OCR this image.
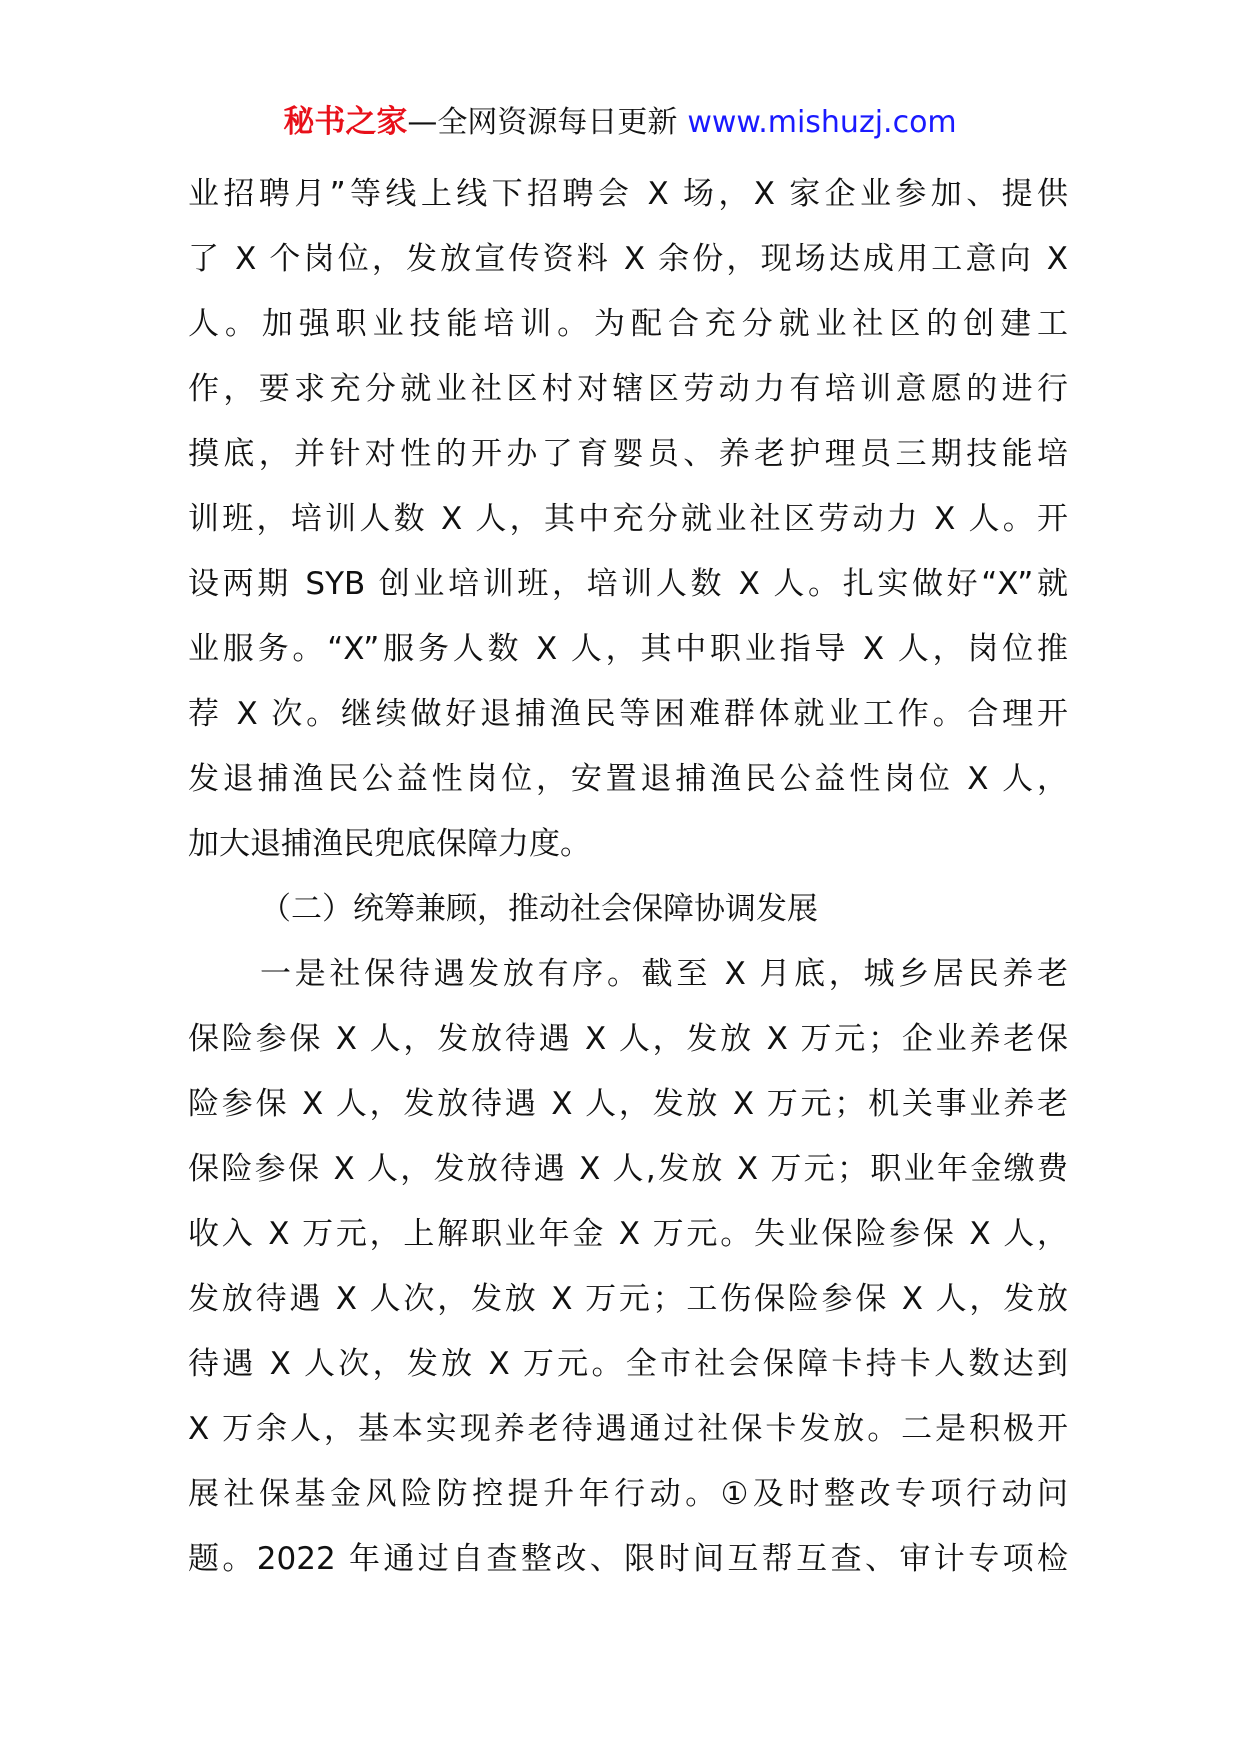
秘书之家—全网资源每日更新 www.mishuzj.com
业招聘月”等线上线下招聘会 X 场，X 家企业参加、提供
了 X 个岗位，发放宣传资料 X 余份，现场达成用工意向 X
人。加强职业技能培训。为配合充分就业社区的创建工
作，要求充分就业社区村对辖区劳动力有培训意愿的进行
摸底，并针对性的开办了育婴员、养老护理员三期技能培
训班，培训人数 X 人，其中充分就业社区劳动力 X 人。开
设两期 SYB 创业培训班，培训人数 X 人。扎实做好“X”就
业服务。“X”服务人数 X 人，其中职业指导 X 人，岗位推
荐 X 次。继续做好退捕渔民等困难群体就业工作。合理开
发退捕渔民公益性岗位，安置退捕渔民公益性岗位 X 人，
加大退捕渔民兜底保障力度。
（二）统筹兼顾，推动社会保障协调发展
一是社保待遇发放有序。截至 X 月底，城乡居民养老
保险参保 X 人，发放待遇 X 人，发放 X 万元；企业养老保
险参保 X 人，发放待遇 X 人，发放 X 万元；机关事业养老
保险参保 X 人，发放待遇 X 人,发放 X 万元；职业年金缴费
收入 X 万元，上解职业年金 X 万元。失业保险参保 X 人，
发放待遇 X 人次，发放 X 万元；工伤保险参保 X 人，发放
待遇 X 人次，发放 X 万元。全市社会保障卡持卡人数达到
X 万余人，基本实现养老待遇通过社保卡发放。二是积极开
展社保基金风险防控提升年行动。①及时整改专项行动问
题。2022 年通过自查整改、限时间互帮互查、审计专项检
